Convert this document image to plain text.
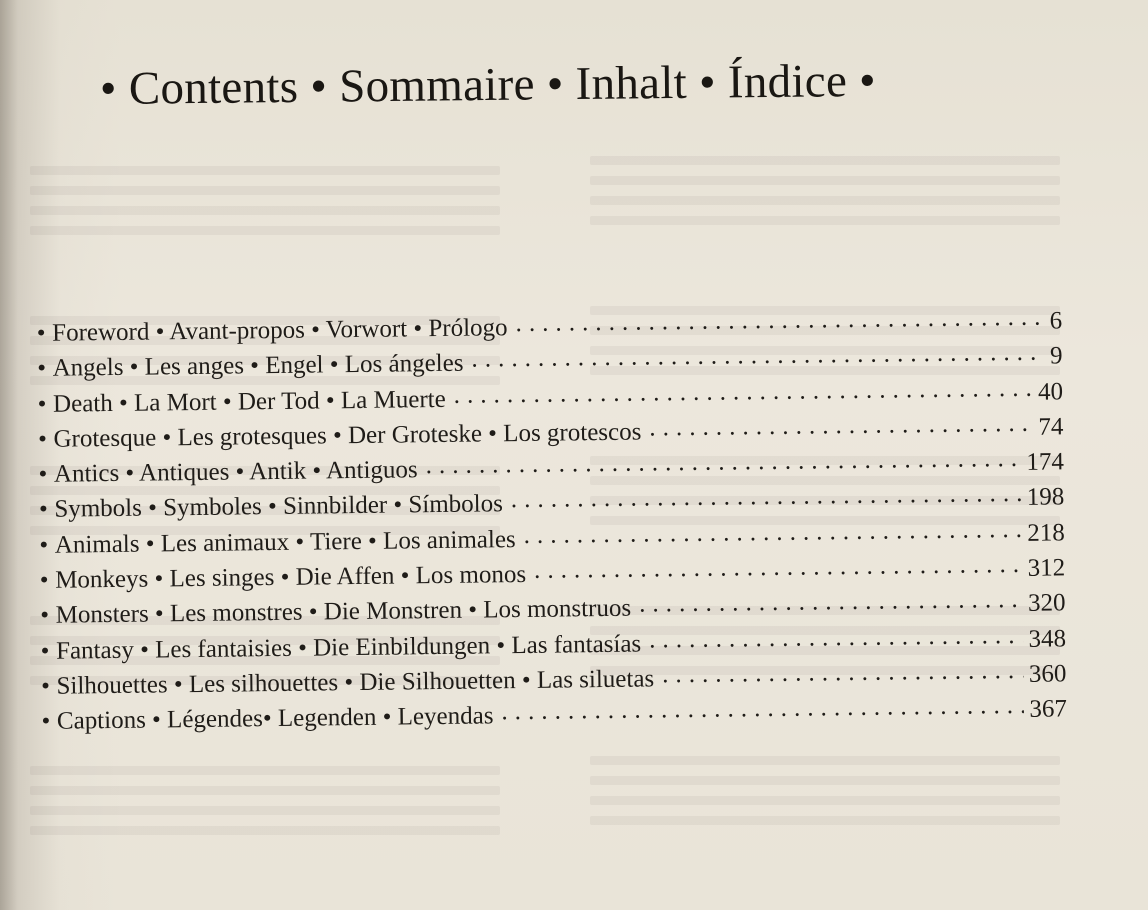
• Contents • Sommaire • Inhalt • Índice •
• Foreword • Avant-propos • Vorwort • Prólogo . . .	6
• Angels • Les anges • Engel • Los ángeles . . .	9
• Death • La Mort • Der Tod • La Muerte . . .	40
• Grotesque • Les grotesques • Der Groteske • Los grotescos . . .	74
• Antics • Antiques • Antik • Antiguos . . .	174
• Symbols • Symboles • Sinnbilder • Símbolos . . .	198
• Animals • Les animaux • Tiere • Los animales . . .	218
• Monkeys • Les singes • Die Affen • Los monos . . .	312
• Monsters • Les monstres • Die Monstren • Los monstruos . . .	320
• Fantasy • Les fantaisies • Die Einbildungen • Las fantasías . . .	348
• Silhouettes • Les silhouettes • Die Silhouetten • Las siluetas . . .	360
• Captions • Légendes• Legenden • Leyendas . . .	367
